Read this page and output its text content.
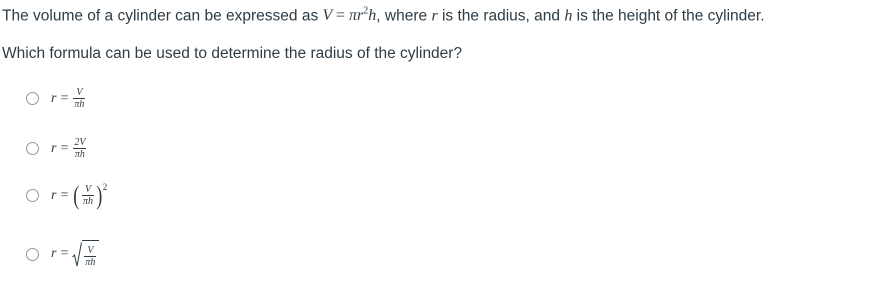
The volume of a cylinder can be expressed as $V = \pi r^2h$, where r is the radius, and h is the height of the cylinder.
Which formula can be used to determine the radius of the cylinder?
$r = \frac{V}{\pi h}$
$r = \frac{2V}{\pi h}$
r = ( $\frac{V}{\pi h}$ ) 2
$r = \frac{V}{\pi h}$
